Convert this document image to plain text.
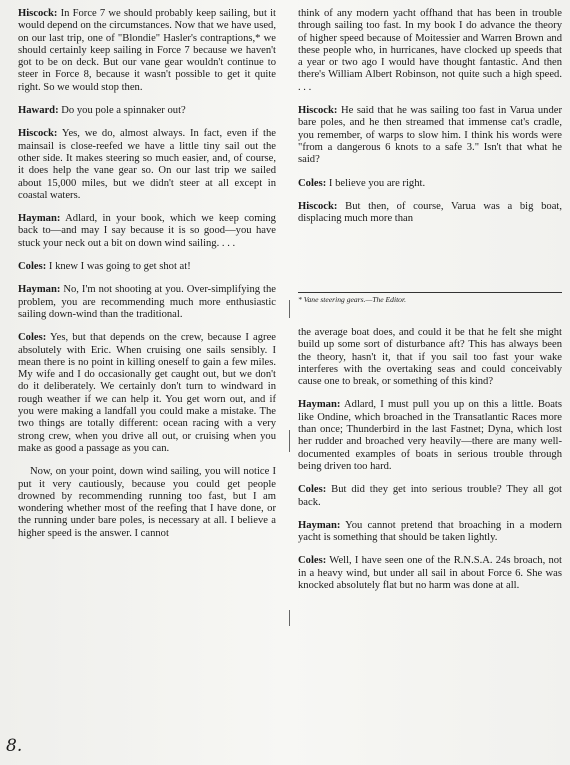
Hiscock: In Force 7 we should probably keep sailing, but it would depend on the circumstances. Now that we have used, on our last trip, one of "Blondie" Hasler's contraptions,* we should certainly keep sailing in Force 7 because we haven't got to be on deck. But our vane gear wouldn't continue to steer in Force 8, because it wasn't possible to get it quite right. So we would stop then.

Haward: Do you pole a spinnaker out?

Hiscock: Yes, we do, almost always. In fact, even if the mainsail is close-reefed we have a little tiny sail out the other side. It makes steering so much easier, and, of course, it does help the vane gear so. On our last trip we sailed about 15,000 miles, but we didn't steer at all except in coastal waters.

Hayman: Adlard, in your book, which we keep coming back to—and may I say because it is so good—you have stuck your neck out a bit on down wind sailing. . . .

Coles: I knew I was going to get shot at!

Hayman: No, I'm not shooting at you. Over-simplifying the problem, you are recommending much more enthusiastic sailing down-wind than the traditional.

Coles: Yes, but that depends on the crew, because I agree absolutely with Eric. When cruising one sails sensibly. I mean there is no point in killing oneself to gain a few miles. My wife and I do occasionally get caught out, but we don't do it deliberately. We certainly don't turn to windward in rough weather if we can help it. You get worn out, and if you were making a landfall you could make a mistake. The two things are totally different: ocean racing with a very strong crew, when you drive all out, or cruising when you make as good a passage as you can.

Now, on your point, down wind sailing, you will notice I put it very cautiously, because you could get people drowned by recommending running too fast, but I am wondering whether most of the reefing that I have done, or the running under bare poles, is necessary at all. I believe a higher speed is the answer. I cannot

think of any modern yacht offhand that has been in trouble through sailing too fast. In my book I do advance the theory of higher speed because of Moitessier and Warren Brown and these people who, in hurricanes, have clocked up speeds that a year or two ago I would have thought fantastic. And then there's William Albert Robinson, not quite such a high speed. . . .

Hiscock: He said that he was sailing too fast in Varua under bare poles, and he then streamed that immense cat's cradle, you remember, of warps to slow him. I think his words were "from a dangerous 6 knots to a safe 3." Isn't that what he said?

Coles: I believe you are right.

Hiscock: But then, of course, Varua was a big boat, displacing much more than

* Vane steering gears.—The Editor.

the average boat does, and could it be that he felt she might build up some sort of disturbance aft? This has always been the theory, hasn't it, that if you sail too fast your wake interferes with the overtaking seas and could conceivably cause one to break, or something of this kind?

Hayman: Adlard, I must pull you up on this a little. Boats like Ondine, which broached in the Transatlantic Races more than once; Thunderbird in the last Fastnet; Dyna, which lost her rudder and broached very heavily—there are many well-documented examples of boats in serious trouble through being driven too hard.

Coles: But did they get into serious trouble? They all got back.

Hayman: You cannot pretend that broaching in a modern yacht is something that should be taken lightly.

Coles: Well, I have seen one of the R.N.S.A. 24s broach, not in a heavy wind, but under all sail in about Force 6. She was knocked absolutely flat but no harm was done at all.

8.
